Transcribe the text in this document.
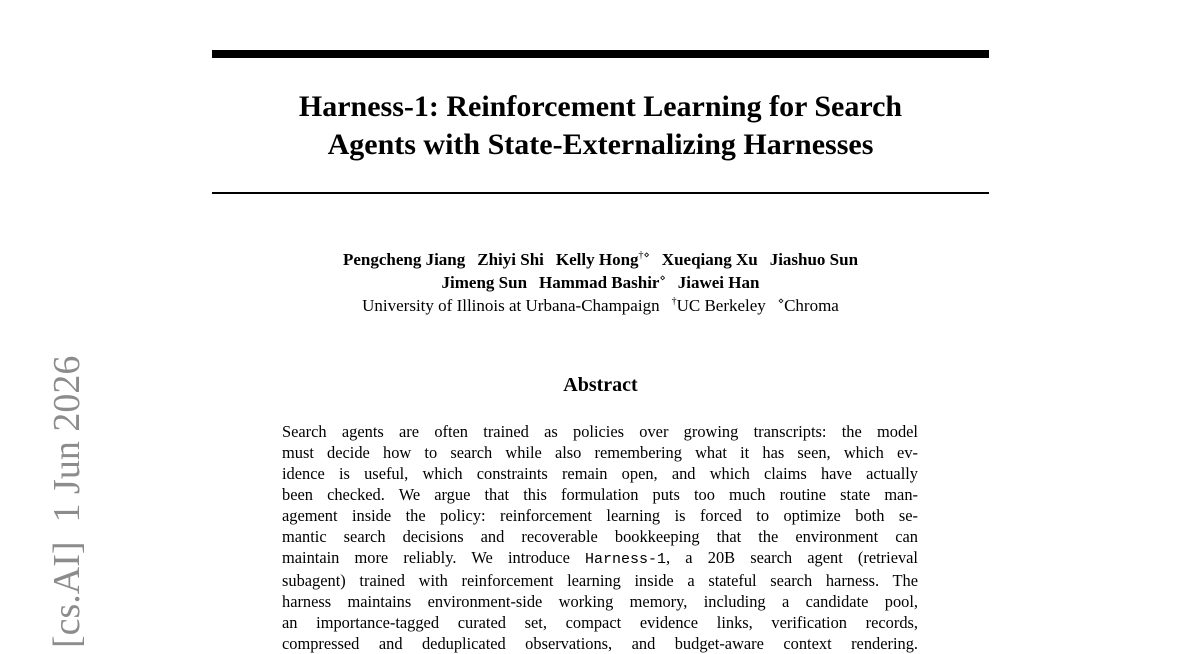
Harness-1: Reinforcement Learning for Search
Agents with State-Externalizing Harnesses
Pengcheng Jiang Zhiyi Shi Kelly Hong†⋄ Xueqiang Xu Jiashuo Sun
Jimeng Sun Hammad Bashir⋄ Jiawei Han
University of Illinois at Urbana-Champaign †UC Berkeley ⋄Chroma
Abstract
Search agents are often trained as policies over growing transcripts: the model
must decide how to search while also remembering what it has seen, which ev-
idence is useful, which constraints remain open, and which claims have actually
been checked. We argue that this formulation puts too much routine state man-
agement inside the policy: reinforcement learning is forced to optimize both se-
mantic search decisions and recoverable bookkeeping that the environment can
maintain more reliably. We introduce Harness-1, a 20B search agent (retrieval
subagent) trained with reinforcement learning inside a stateful search harness. The
harness maintains environment-side working memory, including a candidate pool,
an importance-tagged curated set, compact evidence links, verification records,
compressed and deduplicated observations, and budget-aware context rendering.
[cs.AI]  1 Jun 2026
